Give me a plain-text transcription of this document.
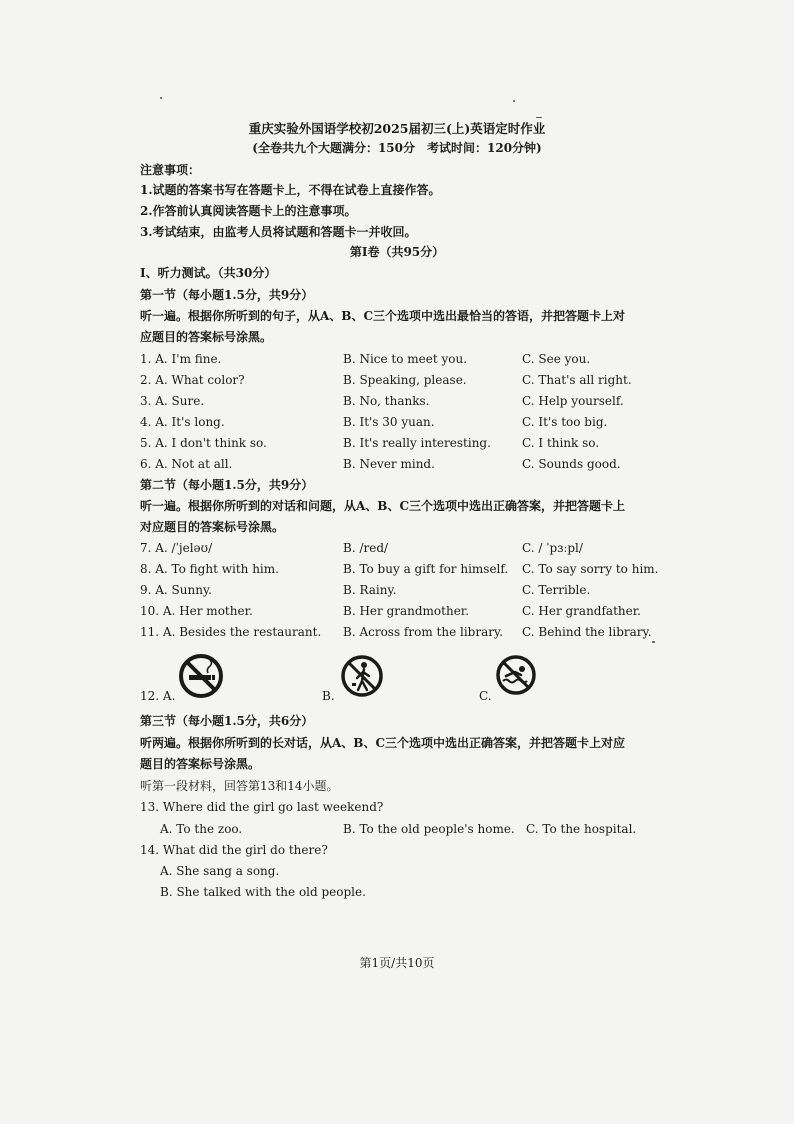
重庆实验外国语学校初2025届初三(上)英语定时作业
(全卷共九个大题满分：150分　考试时间：120分钟)
注意事项：
1.试题的答案书写在答题卡上，不得在试卷上直接作答。
2.作答前认真阅读答题卡上的注意事项。
3.考试结束，由监考人员将试题和答题卡一并收回。
第Ⅰ卷（共95分）
Ⅰ、听力测试。（共30分）
第一节（每小题1.5分，共9分）
听一遍。根据你所听到的句子，从A、B、C三个选项中选出最恰当的答语，并把答题卡上对
应题目的答案标号涂黑。
1. A. I'm fine.	B. Nice to meet you.	C. See you.
2. A. What color?	B. Speaking, please.	C. That's all right.
3. A. Sure.	B. No, thanks.	C. Help yourself.
4. A. It's long.	B. It's 30 yuan.	C. It's too big.
5. A. I don't think so.	B. It's really interesting.	C. I think so.
6. A. Not at all.	B. Never mind.	C. Sounds good.
第二节（每小题1.5分，共9分）
听一遍。根据你所听到的对话和问题，从A、B、C三个选项中选出正确答案，并把答题卡上
对应题目的答案标号涂黑。
7. A. /ˈjeləʊ/	B. /red/	C. / ˈpɜːpl/
8. A. To fight with him.	B. To buy a gift for himself. C. To say sorry to him.
9. A. Sunny.	B. Rainy.	C. Terrible.
10. A. Her mother.	B. Her grandmother.	C. Her grandfather.
11. A. Besides the restaurant. B. Across from the library. C. Behind the library.
12. A.	B.	C.
第三节（每小题1.5分，共6分）
听两遍。根据你所听到的长对话，从A、B、C三个选项中选出正确答案，并把答题卡上对应
题目的答案标号涂黑。
听第一段材料，回答第13和14小题。
13. Where did the girl go last weekend?
A. To the zoo.	B. To the old people's home. C. To the hospital.
14. What did the girl do there?
A. She sang a song.
B. She talked with the old people.
第1页/共10页
